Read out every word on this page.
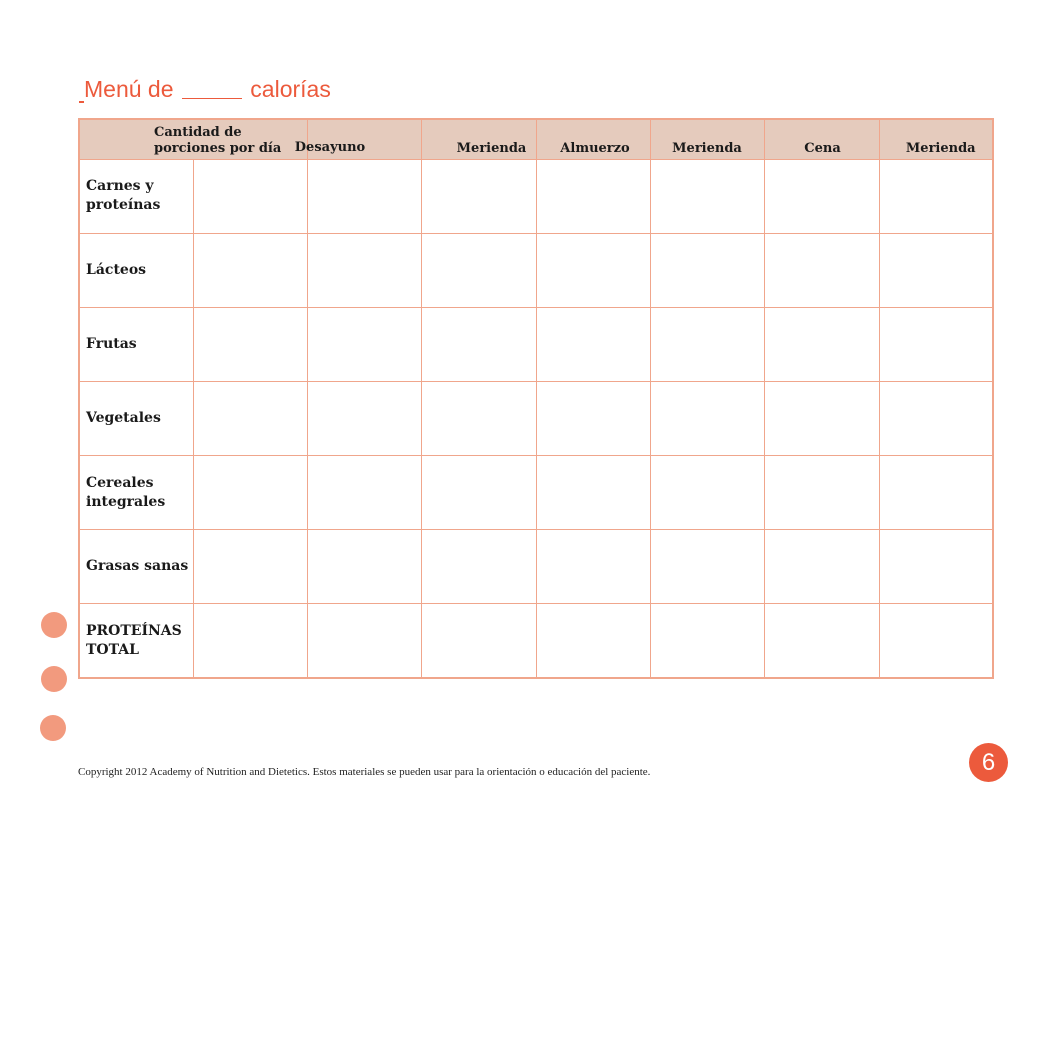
Menú de	calorías
Cantidad de porciones por día		Desayuno	Merienda	Almuerzo	Merienda	Cena	Merienda
Carnes y proteínas							
Lácteos							
Frutas							
Vegetales							
Cereales integrales							
Grasas sanas							
PROTEÍNAS TOTAL							
Copyright 2012 Academy of Nutrition and Dietetics. Estos materiales se pueden usar para la orientación o educación del paciente.	6
